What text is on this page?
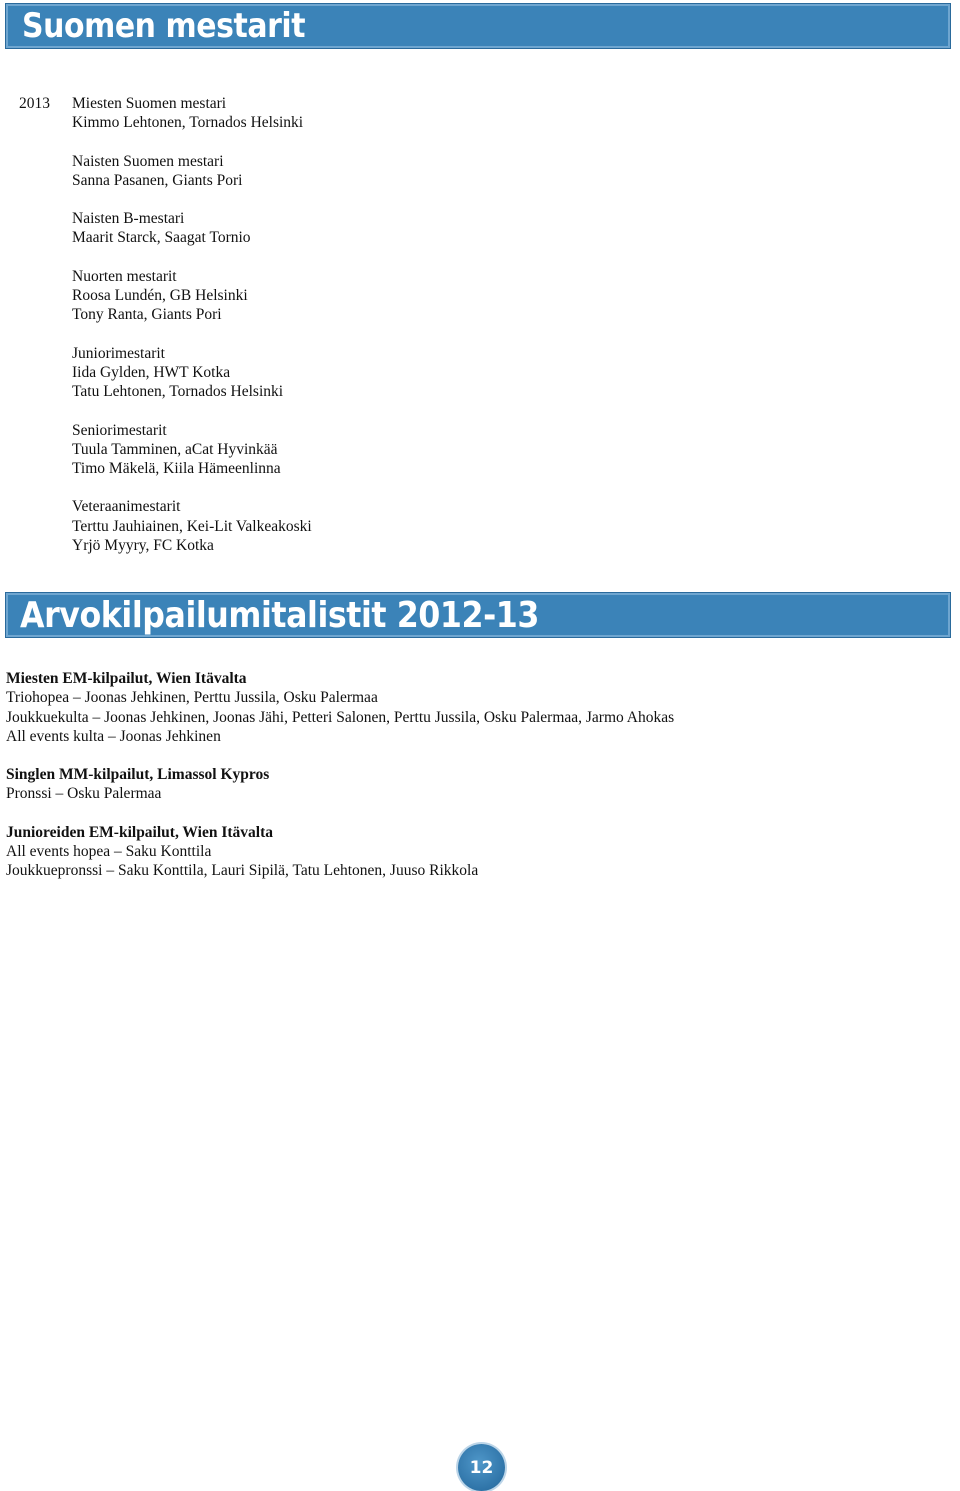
Suomen mestarit
2013 Miesten Suomen mestari
Kimmo Lehtonen, Tornados Helsinki
Naisten Suomen mestari
Sanna Pasanen, Giants Pori
Naisten B-mestari
Maarit Starck, Saagat Tornio
Nuorten mestarit
Roosa Lundén, GB Helsinki
Tony Ranta, Giants Pori
Juniorimestarit
Iida Gylden, HWT Kotka
Tatu Lehtonen, Tornados Helsinki
Seniorimestarit
Tuula Tamminen, aCat Hyvinkää
Timo Mäkelä, Kiila Hämeenlinna
Veteraanimestarit
Terttu Jauhiainen, Kei-Lit Valkeakoski
Yrjö Myyry, FC Kotka
Arvokilpailumitalistit 2012-13
Miesten EM-kilpailut, Wien Itävalta
Triohopea – Joonas Jehkinen, Perttu Jussila, Osku Palermaa
Joukkuekulta – Joonas Jehkinen, Joonas Jähi, Petteri Salonen, Perttu Jussila, Osku Palermaa, Jarmo Ahokas
All events kulta – Joonas Jehkinen
Singlen MM-kilpailut, Limassol Kypros
Pronssi – Osku Palermaa
Junioreiden EM-kilpailut, Wien Itävalta
All events hopea – Saku Konttila
Joukkuepronssi – Saku Konttila, Lauri Sipilä, Tatu Lehtonen, Juuso Rikkola
12
